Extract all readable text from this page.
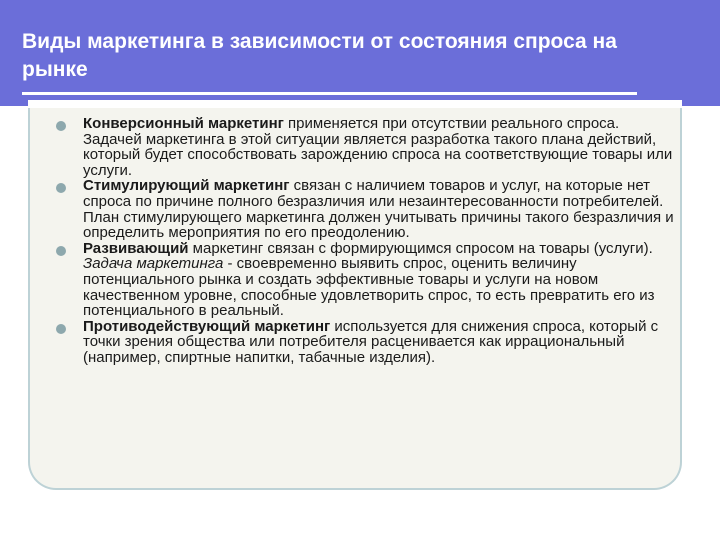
Виды маркетинга в зависимости от состояния спроса на рынке
Конверсионный маркетинг применяется при отсутствии реального спроса. Задачей маркетинга в этой ситуации является разработка такого плана действий, который будет способствовать зарождению спроса на соответствующие товары или услуги.
Стимулирующий маркетинг связан с наличием товаров и услуг, на которые нет спроса по причине полного безразличия или незаинтересованности потребителей. План стимулирующего маркетинга должен учитывать причины такого безразличия и определить мероприятия по его преодолению.
Развивающий маркетинг связан с формирующимся спросом на товары (услуги). Задача маркетинга - своевременно выявить спрос, оценить величину потенциального рынка и создать эффективные товары и услуги на новом качественном уровне, способные удовлетворить спрос, то есть превратить его из потенциального в реальный.
Противодействующий маркетинг используется для снижения спроса, который с точки зрения общества или потребителя расценивается как иррациональный (например, спиртные напитки, табачные изделия).
